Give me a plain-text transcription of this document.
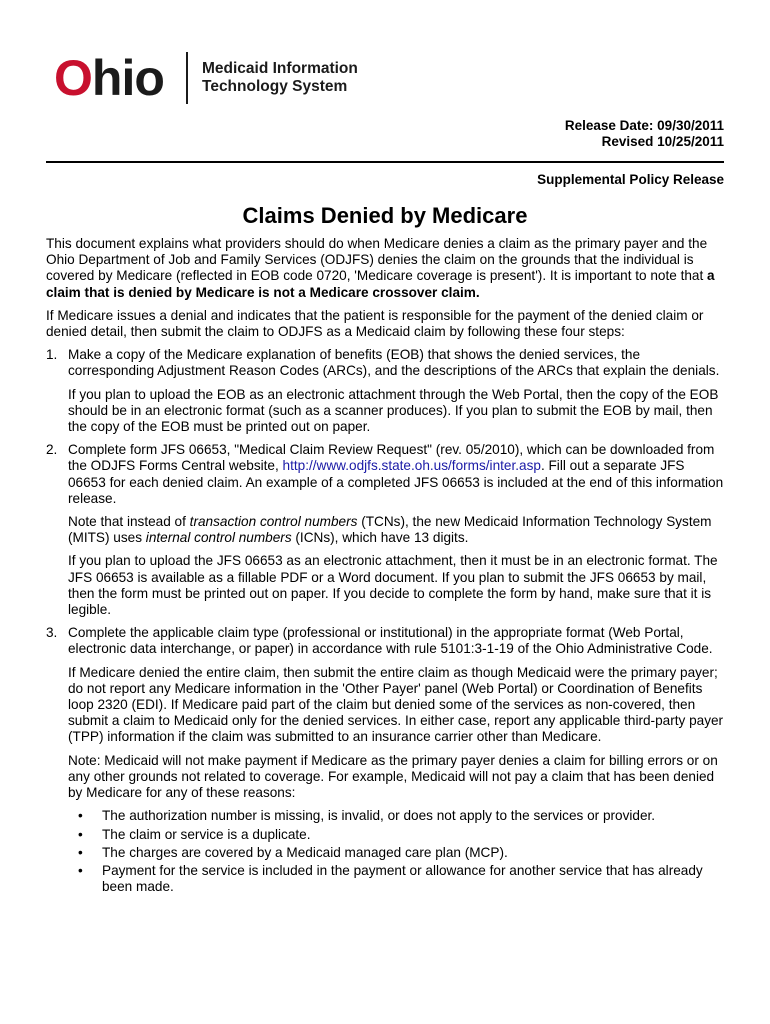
Ohio Medicaid Information
Technology System
Release Date: 09/30/2011
Revised 10/25/2011
Supplemental Policy Release
Claims Denied by Medicare

This document explains what providers should do when Medicare denies a claim as the primary payer and the Ohio Department of Job and Family Services (ODJFS) denies the claim on the grounds that the individual is covered by Medicare (reflected in EOB code 0720, 'Medicare coverage is present'). It is important to note that a claim that is denied by Medicare is not a Medicare crossover claim.

If Medicare issues a denial and indicates that the patient is responsible for the payment of the denied claim or denied detail, then submit the claim to ODJFS as a Medicaid claim by following these four steps:

1. Make a copy of the Medicare explanation of benefits (EOB) that shows the denied services, the corresponding Adjustment Reason Codes (ARCs), and the descriptions of the ARCs that explain the denials.

If you plan to upload the EOB as an electronic attachment through the Web Portal, then the copy of the EOB should be in an electronic format (such as a scanner produces). If you plan to submit the EOB by mail, then the copy of the EOB must be printed out on paper.

2. Complete form JFS 06653, "Medical Claim Review Request" (rev. 05/2010), which can be downloaded from the ODJFS Forms Central website, http://www.odjfs.state.oh.us/forms/inter.asp. Fill out a separate JFS 06653 for each denied claim. An example of a completed JFS 06653 is included at the end of this information release.

Note that instead of transaction control numbers (TCNs), the new Medicaid Information Technology System (MITS) uses internal control numbers (ICNs), which have 13 digits.

If you plan to upload the JFS 06653 as an electronic attachment, then it must be in an electronic format. The JFS 06653 is available as a fillable PDF or a Word document. If you plan to submit the JFS 06653 by mail, then the form must be printed out on paper. If you decide to complete the form by hand, make sure that it is legible.

3. Complete the applicable claim type (professional or institutional) in the appropriate format (Web Portal, electronic data interchange, or paper) in accordance with rule 5101:3-1-19 of the Ohio Administrative Code.

If Medicare denied the entire claim, then submit the entire claim as though Medicaid were the primary payer; do not report any Medicare information in the 'Other Payer' panel (Web Portal) or Coordination of Benefits loop 2320 (EDI). If Medicare paid part of the claim but denied some of the services as non-covered, then submit a claim to Medicaid only for the denied services. In either case, report any applicable third-party payer (TPP) information if the claim was submitted to an insurance carrier other than Medicare.

Note: Medicaid will not make payment if Medicare as the primary payer denies a claim for billing errors or on any other grounds not related to coverage. For example, Medicaid will not pay a claim that has been denied by Medicare for any of these reasons:

• The authorization number is missing, is invalid, or does not apply to the services or provider.
• The claim or service is a duplicate.
• The charges are covered by a Medicaid managed care plan (MCP).
• Payment for the service is included in the payment or allowance for another service that has already been made.
